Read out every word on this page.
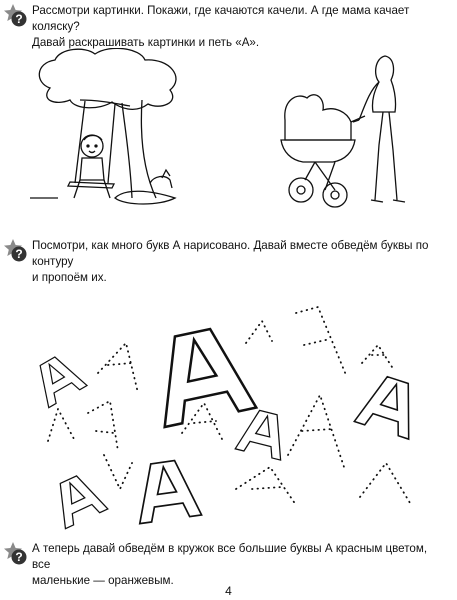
?
Рассмотри картинки. Покажи, где качаются качели. А где мама качает коляску?
Давай раскрашивать картинки и петь «А».
?
Посмотри, как много букв А нарисовано. Давай вместе обведём буквы по контуру
и пропоём их.
?
А теперь давай обведём в кружок все большие буквы А красным цветом, все
маленькие — оранжевым.
4
